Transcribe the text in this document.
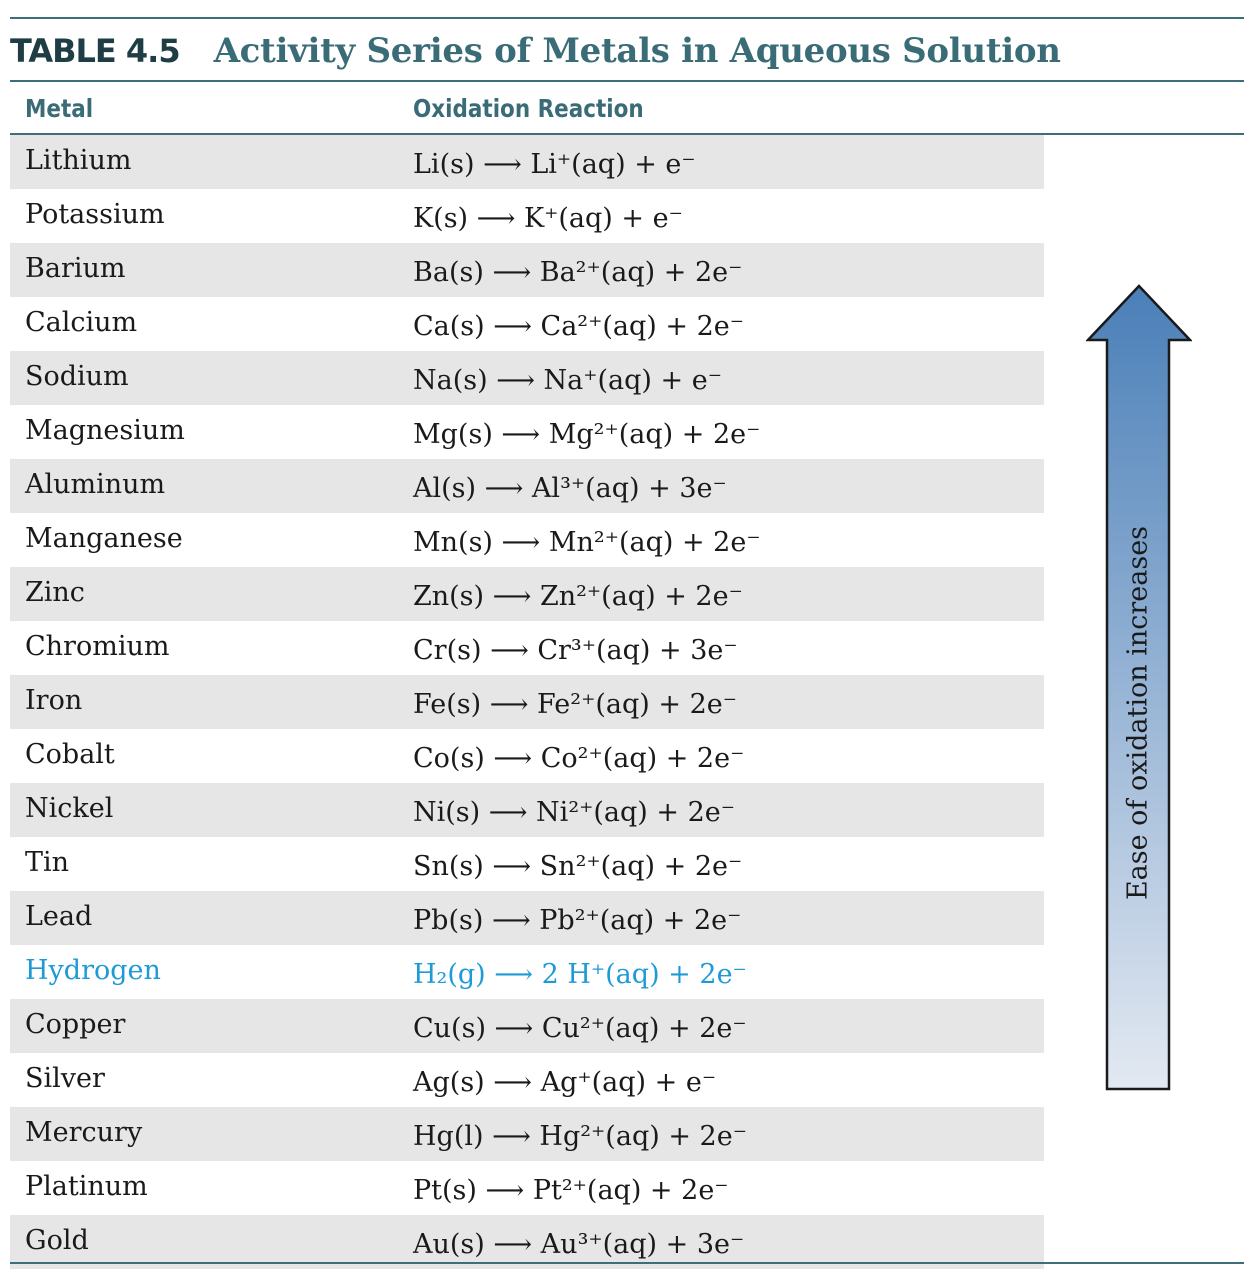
TABLE 4.5 Activity Series of Metals in Aqueous Solution
Metal	Oxidation Reaction
Lithium	Li(s) ⟶ Li⁺(aq) + e⁻
Potassium	K(s) ⟶ K⁺(aq) + e⁻
Barium	Ba(s) ⟶ Ba²⁺(aq) + 2e⁻
Calcium	Ca(s) ⟶ Ca²⁺(aq) + 2e⁻
Sodium	Na(s) ⟶ Na⁺(aq) + e⁻
Magnesium	Mg(s) ⟶ Mg²⁺(aq) + 2e⁻
Aluminum	Al(s) ⟶ Al³⁺(aq) + 3e⁻
Manganese	Mn(s) ⟶ Mn²⁺(aq) + 2e⁻
Zinc	Zn(s) ⟶ Zn²⁺(aq) + 2e⁻
Chromium	Cr(s) ⟶ Cr³⁺(aq) + 3e⁻
Iron	Fe(s) ⟶ Fe²⁺(aq) + 2e⁻
Cobalt	Co(s) ⟶ Co²⁺(aq) + 2e⁻
Nickel	Ni(s) ⟶ Ni²⁺(aq) + 2e⁻
Tin	Sn(s) ⟶ Sn²⁺(aq) + 2e⁻
Lead	Pb(s) ⟶ Pb²⁺(aq) + 2e⁻
Hydrogen	H₂(g) ⟶ 2 H⁺(aq) + 2e⁻
Copper	Cu(s) ⟶ Cu²⁺(aq) + 2e⁻
Silver	Ag(s) ⟶ Ag⁺(aq) + e⁻
Mercury	Hg(l) ⟶ Hg²⁺(aq) + 2e⁻
Platinum	Pt(s) ⟶ Pt²⁺(aq) + 2e⁻
Gold	Au(s) ⟶ Au³⁺(aq) + 3e⁻
Ease of oxidation increases
